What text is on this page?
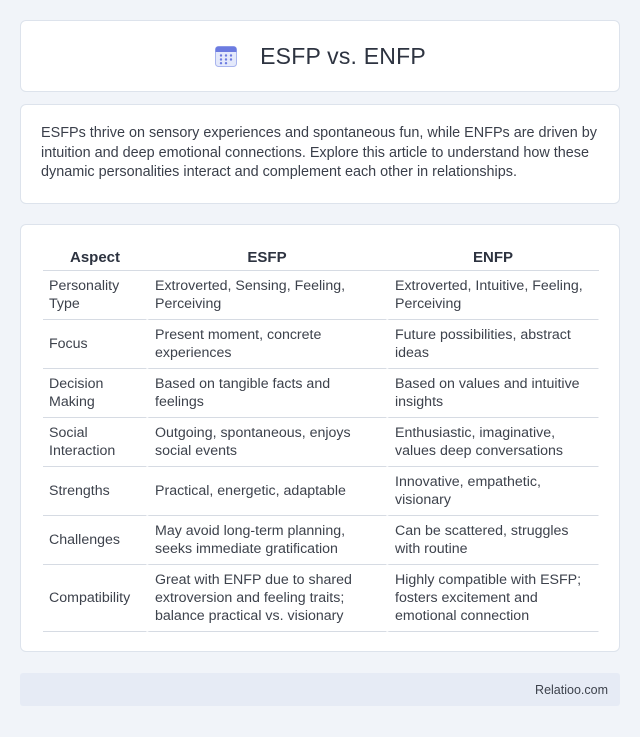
ESFP vs. ENFP

ESFPs thrive on sensory experiences and spontaneous fun, while ENFPs are driven by intuition and deep emotional connections. Explore this article to understand how these dynamic personalities interact and complement each other in relationships.

Aspect	ESFP	ENFP
Personality Type	Extroverted, Sensing, Feeling, Perceiving	Extroverted, Intuitive, Feeling, Perceiving
Focus	Present moment, concrete experiences	Future possibilities, abstract ideas
Decision Making	Based on tangible facts and feelings	Based on values and intuitive insights
Social Interaction	Outgoing, spontaneous, enjoys social events	Enthusiastic, imaginative, values deep conversations
Strengths	Practical, energetic, adaptable	Innovative, empathetic, visionary
Challenges	May avoid long-term planning, seeks immediate gratification	Can be scattered, struggles with routine
Compatibility	Great with ENFP due to shared extroversion and feeling traits; balance practical vs. visionary	Highly compatible with ESFP; fosters excitement and emotional connection
Relatioo.com
